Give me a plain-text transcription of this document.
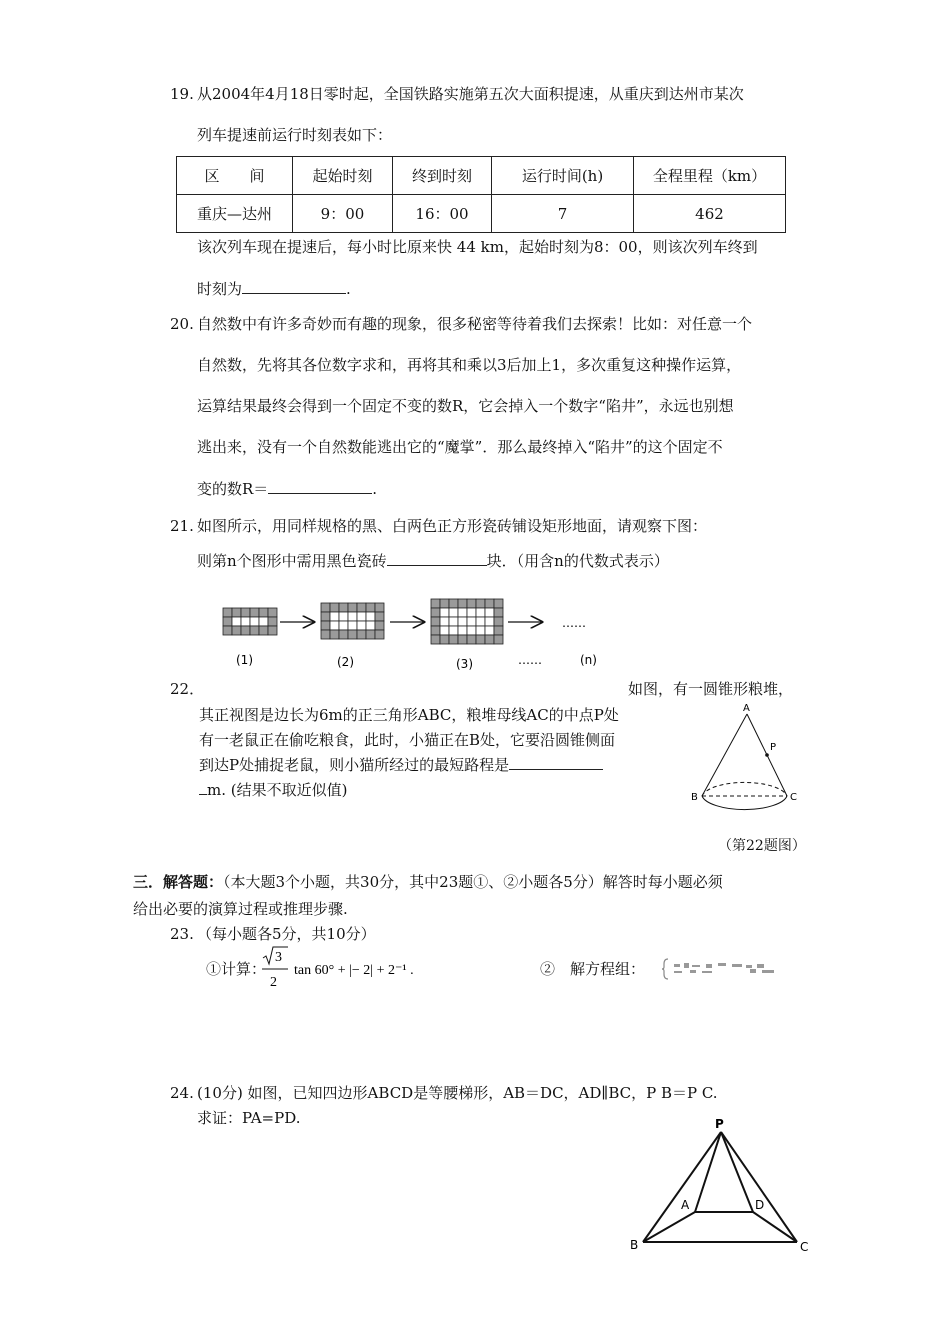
19. 从2004年4月18日零时起，全国铁路实施第五次大面积提速，从重庆到达州市某次
列车提速前运行时刻表如下：
区　　间	起始时刻	终到时刻	运行时间(h)	全程里程（km）
重庆—达州	9：00	16：00	7	462
该次列车现在提速后，每小时比原来快 44 km，起始时刻为8：00，则该次列车终到
时刻为	.
20. 自然数中有许多奇妙而有趣的现象，很多秘密等待着我们去探索！比如：对任意一个
自然数，先将其各位数字求和，再将其和乘以3后加上1，多次重复这种操作运算，
运算结果最终会得到一个固定不变的数R，它会掉入一个数字“陷井”，永远也别想
逃出来，没有一个自然数能逃出它的“魔掌”．那么最终掉入“陷井”的这个固定不
变的数R＝	.
21. 如图所示，用同样规格的黑、白两色正方形瓷砖铺设矩形地面，请观察下图：
则第n个图形中需用黑色瓷砖	块．（用含n的代数式表示）
……
(1)	(2)	(3)	……	(n)
22．	如图，有一圆锥形粮堆，
其正视图是边长为6m的正三角形ABC，粮堆母线AC的中点P处
有一老鼠正在偷吃粮食，此时，小猫正在B处，它要沿圆锥侧面
到达P处捕捉老鼠，则小猫所经过的最短路程是
m. (结果不取近似值)
A
P
B	C
（第22题图）
三．解答题：（本大题3个小题，共30分，其中23题①、②小题各5分）解答时每小题必须
给出必要的演算过程或推理步骤.
23. （每小题各5分，共10分）
①计算：
3
2
tan 60° + |− 2| + 2⁻¹ .	②　解方程组：
24. (10分) 如图，已知四边形ABCD是等腰梯形，AB＝DC，AD∥BC，P B＝P C.
求证：PA=PD.	P
A	D
B	C
